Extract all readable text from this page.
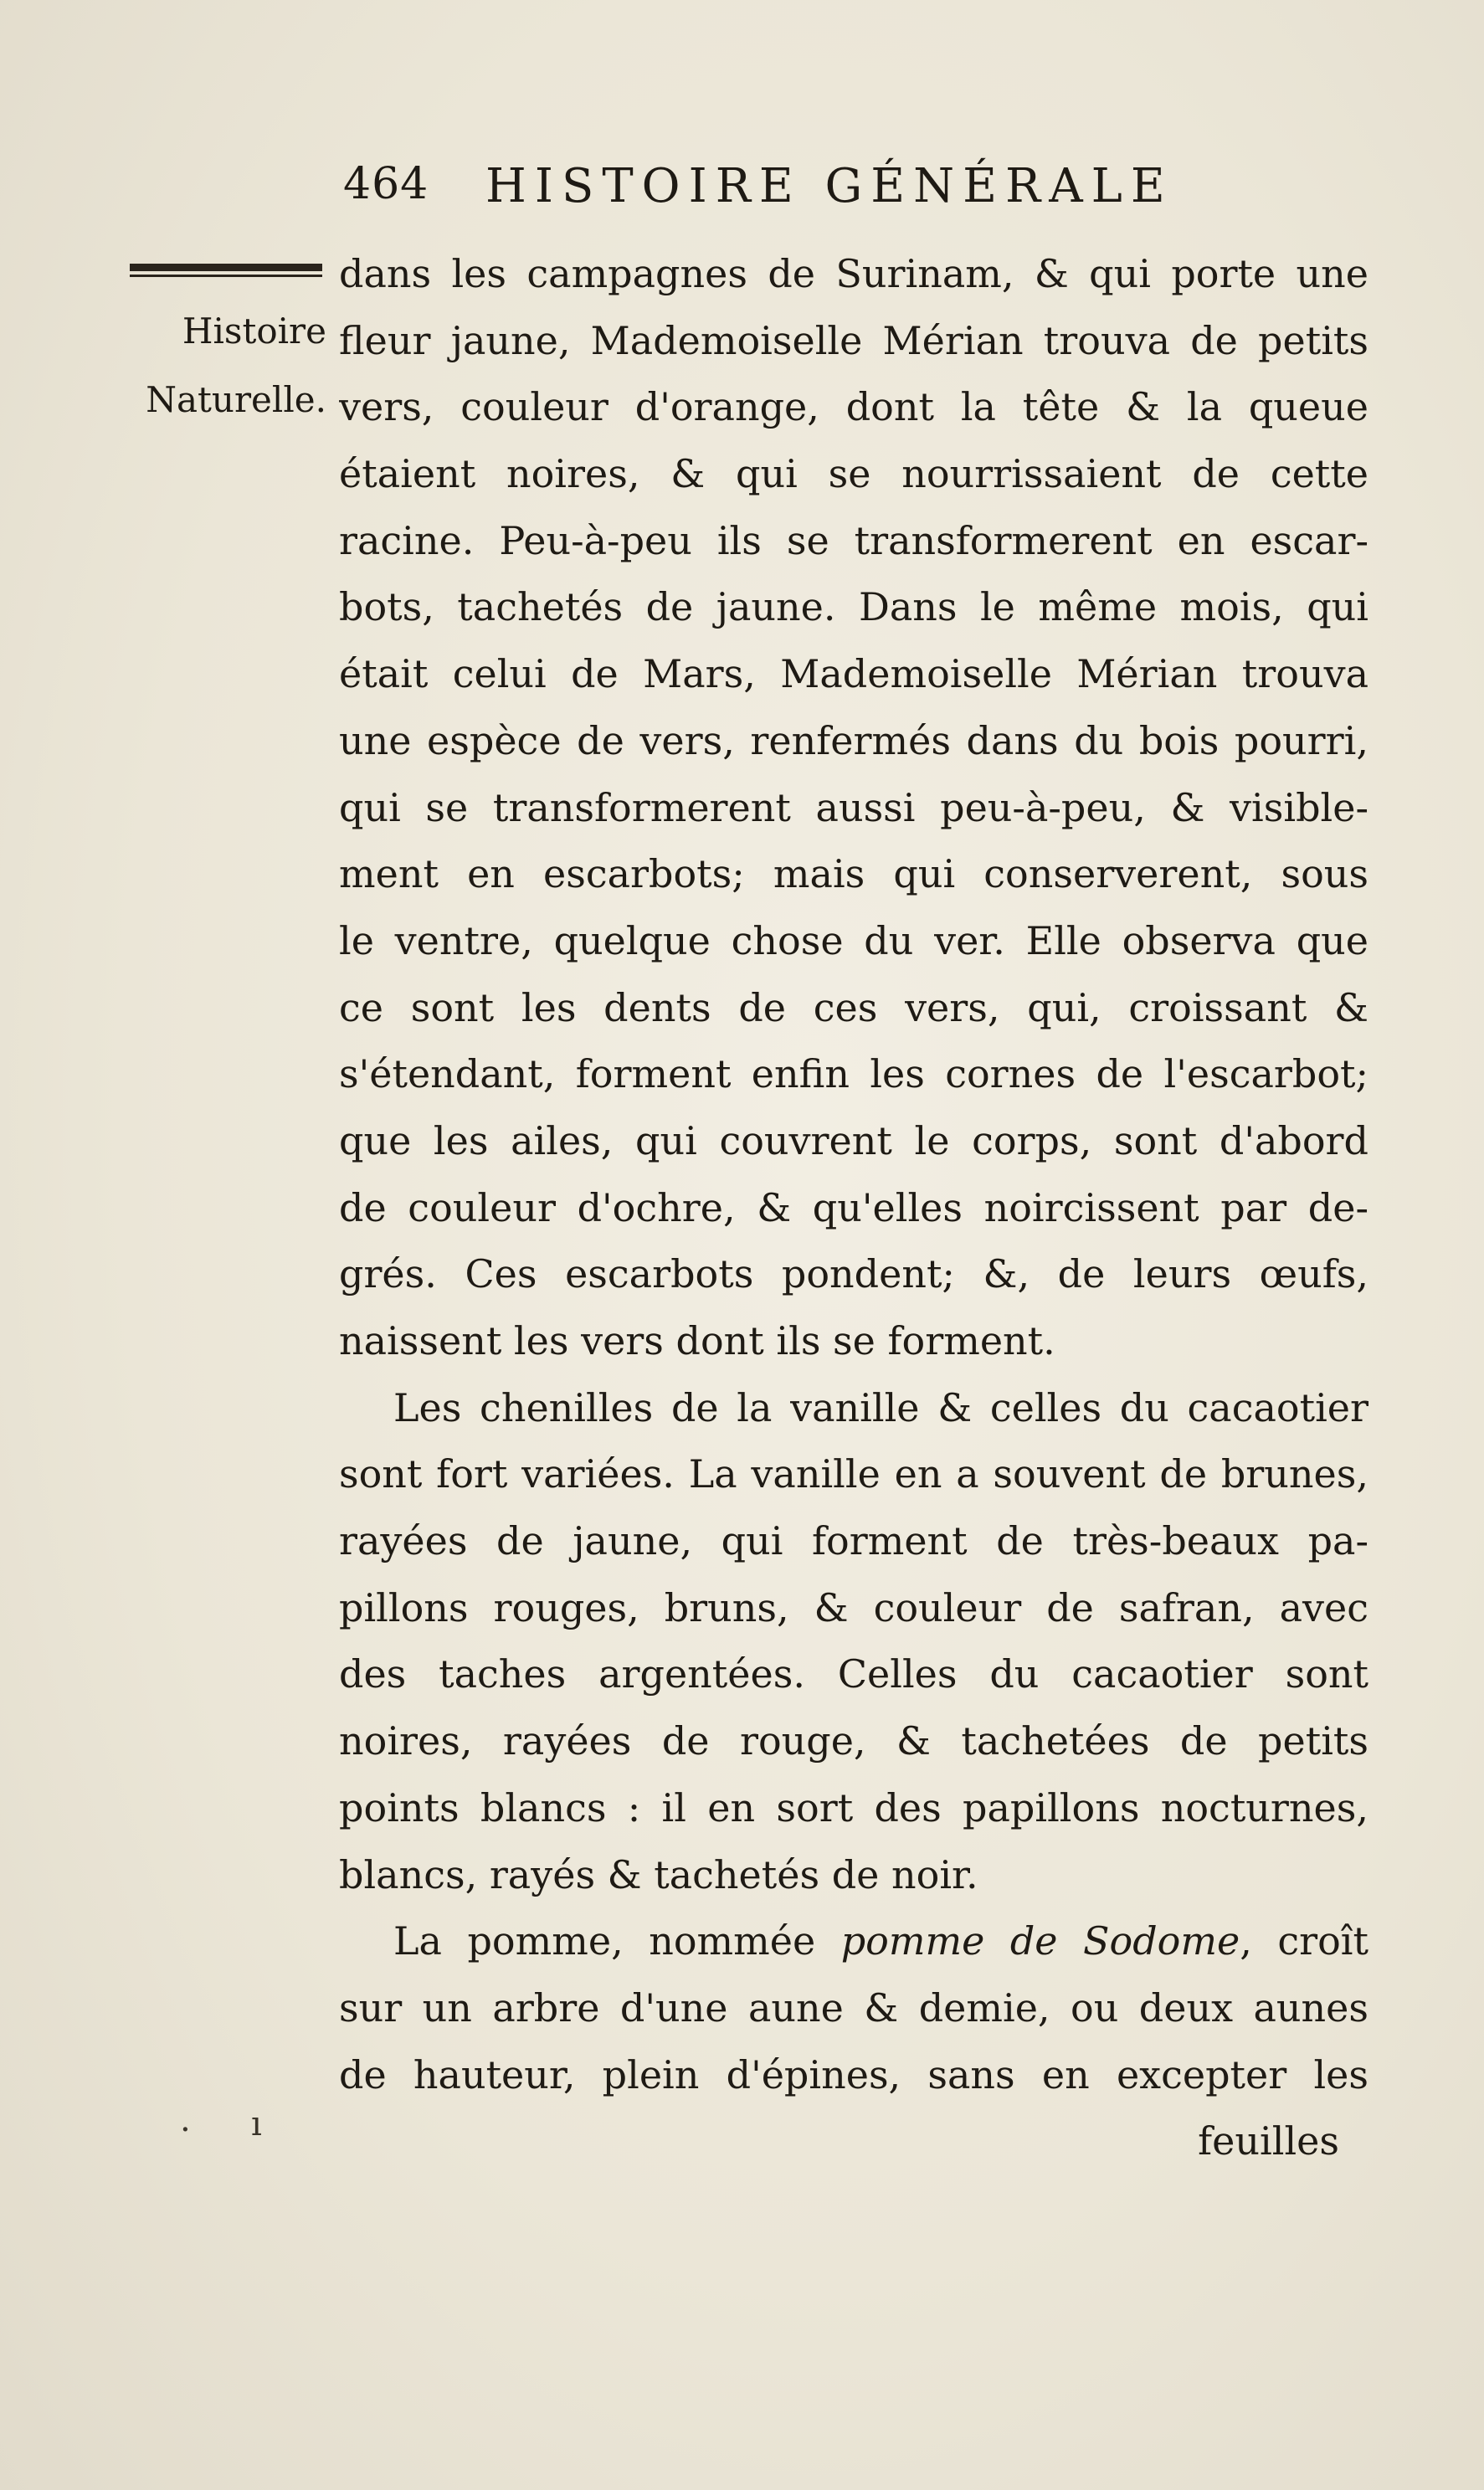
464 HISTOIRE GÉNÉRALE
Histoire
Naturelle.
dans les campagnes de Surinam, & qui porte une
fleur jaune, Mademoiselle Mérian trouva de petits
vers, couleur d'orange, dont la tête & la queue
étaient noires, & qui se nourrissaient de cette
racine. Peu-à-peu ils se transformerent en escar-
bots, tachetés de jaune. Dans le même mois, qui
était celui de Mars, Mademoiselle Mérian trouva
une espèce de vers, renfermés dans du bois pourri,
qui se transformerent aussi peu-à-peu, & visible-
ment en escarbots; mais qui conserverent, sous
le ventre, quelque chose du ver. Elle observa que
ce sont les dents de ces vers, qui, croissant &
s'étendant, forment enfin les cornes de l'escarbot;
que les ailes, qui couvrent le corps, sont d'abord
de couleur d'ochre, & qu'elles noircissent par de-
grés. Ces escarbots pondent; &, de leurs œufs,
naissent les vers dont ils se forment.
Les chenilles de la vanille & celles du cacaotier
sont fort variées. La vanille en a souvent de brunes,
rayées de jaune, qui forment de très-beaux pa-
pillons rouges, bruns, & couleur de safran, avec
des taches argentées. Celles du cacaotier sont
noires, rayées de rouge, & tachetées de petits
points blancs : il en sort des papillons nocturnes,
blancs, rayés & tachetés de noir.
La pomme, nommée pomme de Sodome, croît
sur un arbre d'une aune & demie, ou deux aunes
de hauteur, plein d'épines, sans en excepter les
feuilles
. ı
